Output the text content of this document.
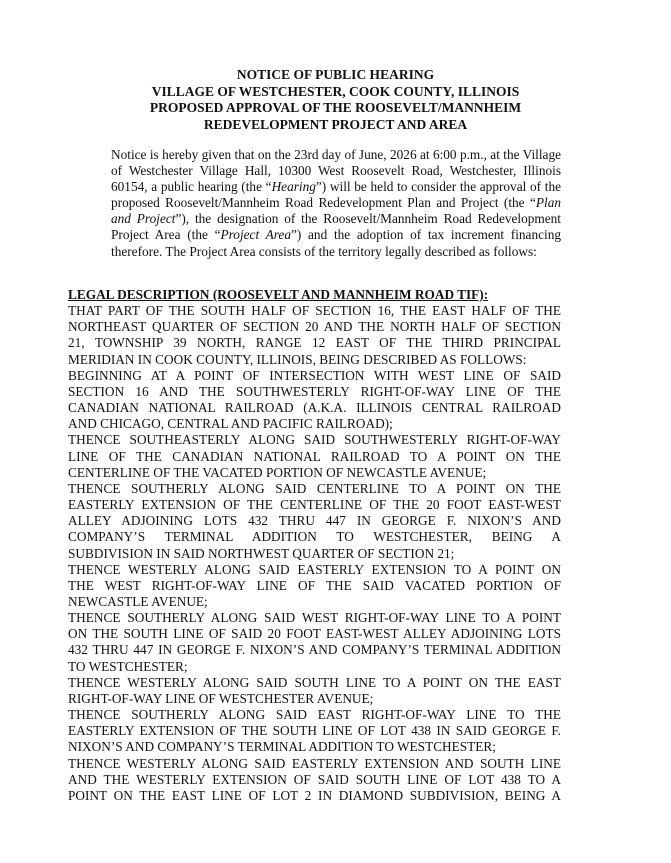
NOTICE OF PUBLIC HEARING
VILLAGE OF WESTCHESTER, COOK COUNTY, ILLINOIS
PROPOSED APPROVAL OF THE ROOSEVELT/MANNHEIM
REDEVELOPMENT PROJECT AND AREA
Notice is hereby given that on the 23rd day of June, 2026 at 6:00 p.m., at the Village of Westchester Village Hall, 10300 West Roosevelt Road, Westchester, Illinois 60154, a public hearing (the “Hearing”) will be held to consider the approval of the proposed Roosevelt/Mannheim Road Redevelopment Plan and Project (the “Plan and Project”), the designation of the Roosevelt/Mannheim Road Redevelopment Project Area (the “Project Area”) and the adoption of tax increment financing therefore. The Project Area consists of the territory legally described as follows:
LEGAL DESCRIPTION (ROOSEVELT AND MANNHEIM ROAD TIF):
THAT PART OF THE SOUTH HALF OF SECTION 16, THE EAST HALF OF THE
NORTHEAST QUARTER OF SECTION 20 AND THE NORTH HALF OF SECTION
21, TOWNSHIP 39 NORTH, RANGE 12 EAST OF THE THIRD PRINCIPAL
MERIDIAN IN COOK COUNTY, ILLINOIS, BEING DESCRIBED AS FOLLOWS:
BEGINNING AT A POINT OF INTERSECTION WITH WEST LINE OF SAID
SECTION 16 AND THE SOUTHWESTERLY RIGHT-OF-WAY LINE OF THE
CANADIAN NATIONAL RAILROAD (A.K.A. ILLINOIS CENTRAL RAILROAD
AND CHICAGO, CENTRAL AND PACIFIC RAILROAD);
THENCE SOUTHEASTERLY ALONG SAID SOUTHWESTERLY RIGHT-OF-WAY
LINE OF THE CANADIAN NATIONAL RAILROAD TO A POINT ON THE
CENTERLINE OF THE VACATED PORTION OF NEWCASTLE AVENUE;
THENCE SOUTHERLY ALONG SAID CENTERLINE TO A POINT ON THE
EASTERLY EXTENSION OF THE CENTERLINE OF THE 20 FOOT EAST-WEST
ALLEY ADJOINING LOTS 432 THRU 447 IN GEORGE F. NIXON’S AND
COMPANY’S TERMINAL ADDITION TO WESTCHESTER, BEING A
SUBDIVISION IN SAID NORTHWEST QUARTER OF SECTION 21;
THENCE WESTERLY ALONG SAID EASTERLY EXTENSION TO A POINT ON
THE WEST RIGHT-OF-WAY LINE OF THE SAID VACATED PORTION OF
NEWCASTLE AVENUE;
THENCE SOUTHERLY ALONG SAID WEST RIGHT-OF-WAY LINE TO A POINT
ON THE SOUTH LINE OF SAID 20 FOOT EAST-WEST ALLEY ADJOINING LOTS
432 THRU 447 IN GEORGE F. NIXON’S AND COMPANY’S TERMINAL ADDITION
TO WESTCHESTER;
THENCE WESTERLY ALONG SAID SOUTH LINE TO A POINT ON THE EAST
RIGHT-OF-WAY LINE OF WESTCHESTER AVENUE;
THENCE SOUTHERLY ALONG SAID EAST RIGHT-OF-WAY LINE TO THE
EASTERLY EXTENSION OF THE SOUTH LINE OF LOT 438 IN SAID GEORGE F.
NIXON’S AND COMPANY’S TERMINAL ADDITION TO WESTCHESTER;
THENCE WESTERLY ALONG SAID EASTERLY EXTENSION AND SOUTH LINE
AND THE WESTERLY EXTENSION OF SAID SOUTH LINE OF LOT 438 TO A
POINT ON THE EAST LINE OF LOT 2 IN DIAMOND SUBDIVISION, BEING A
